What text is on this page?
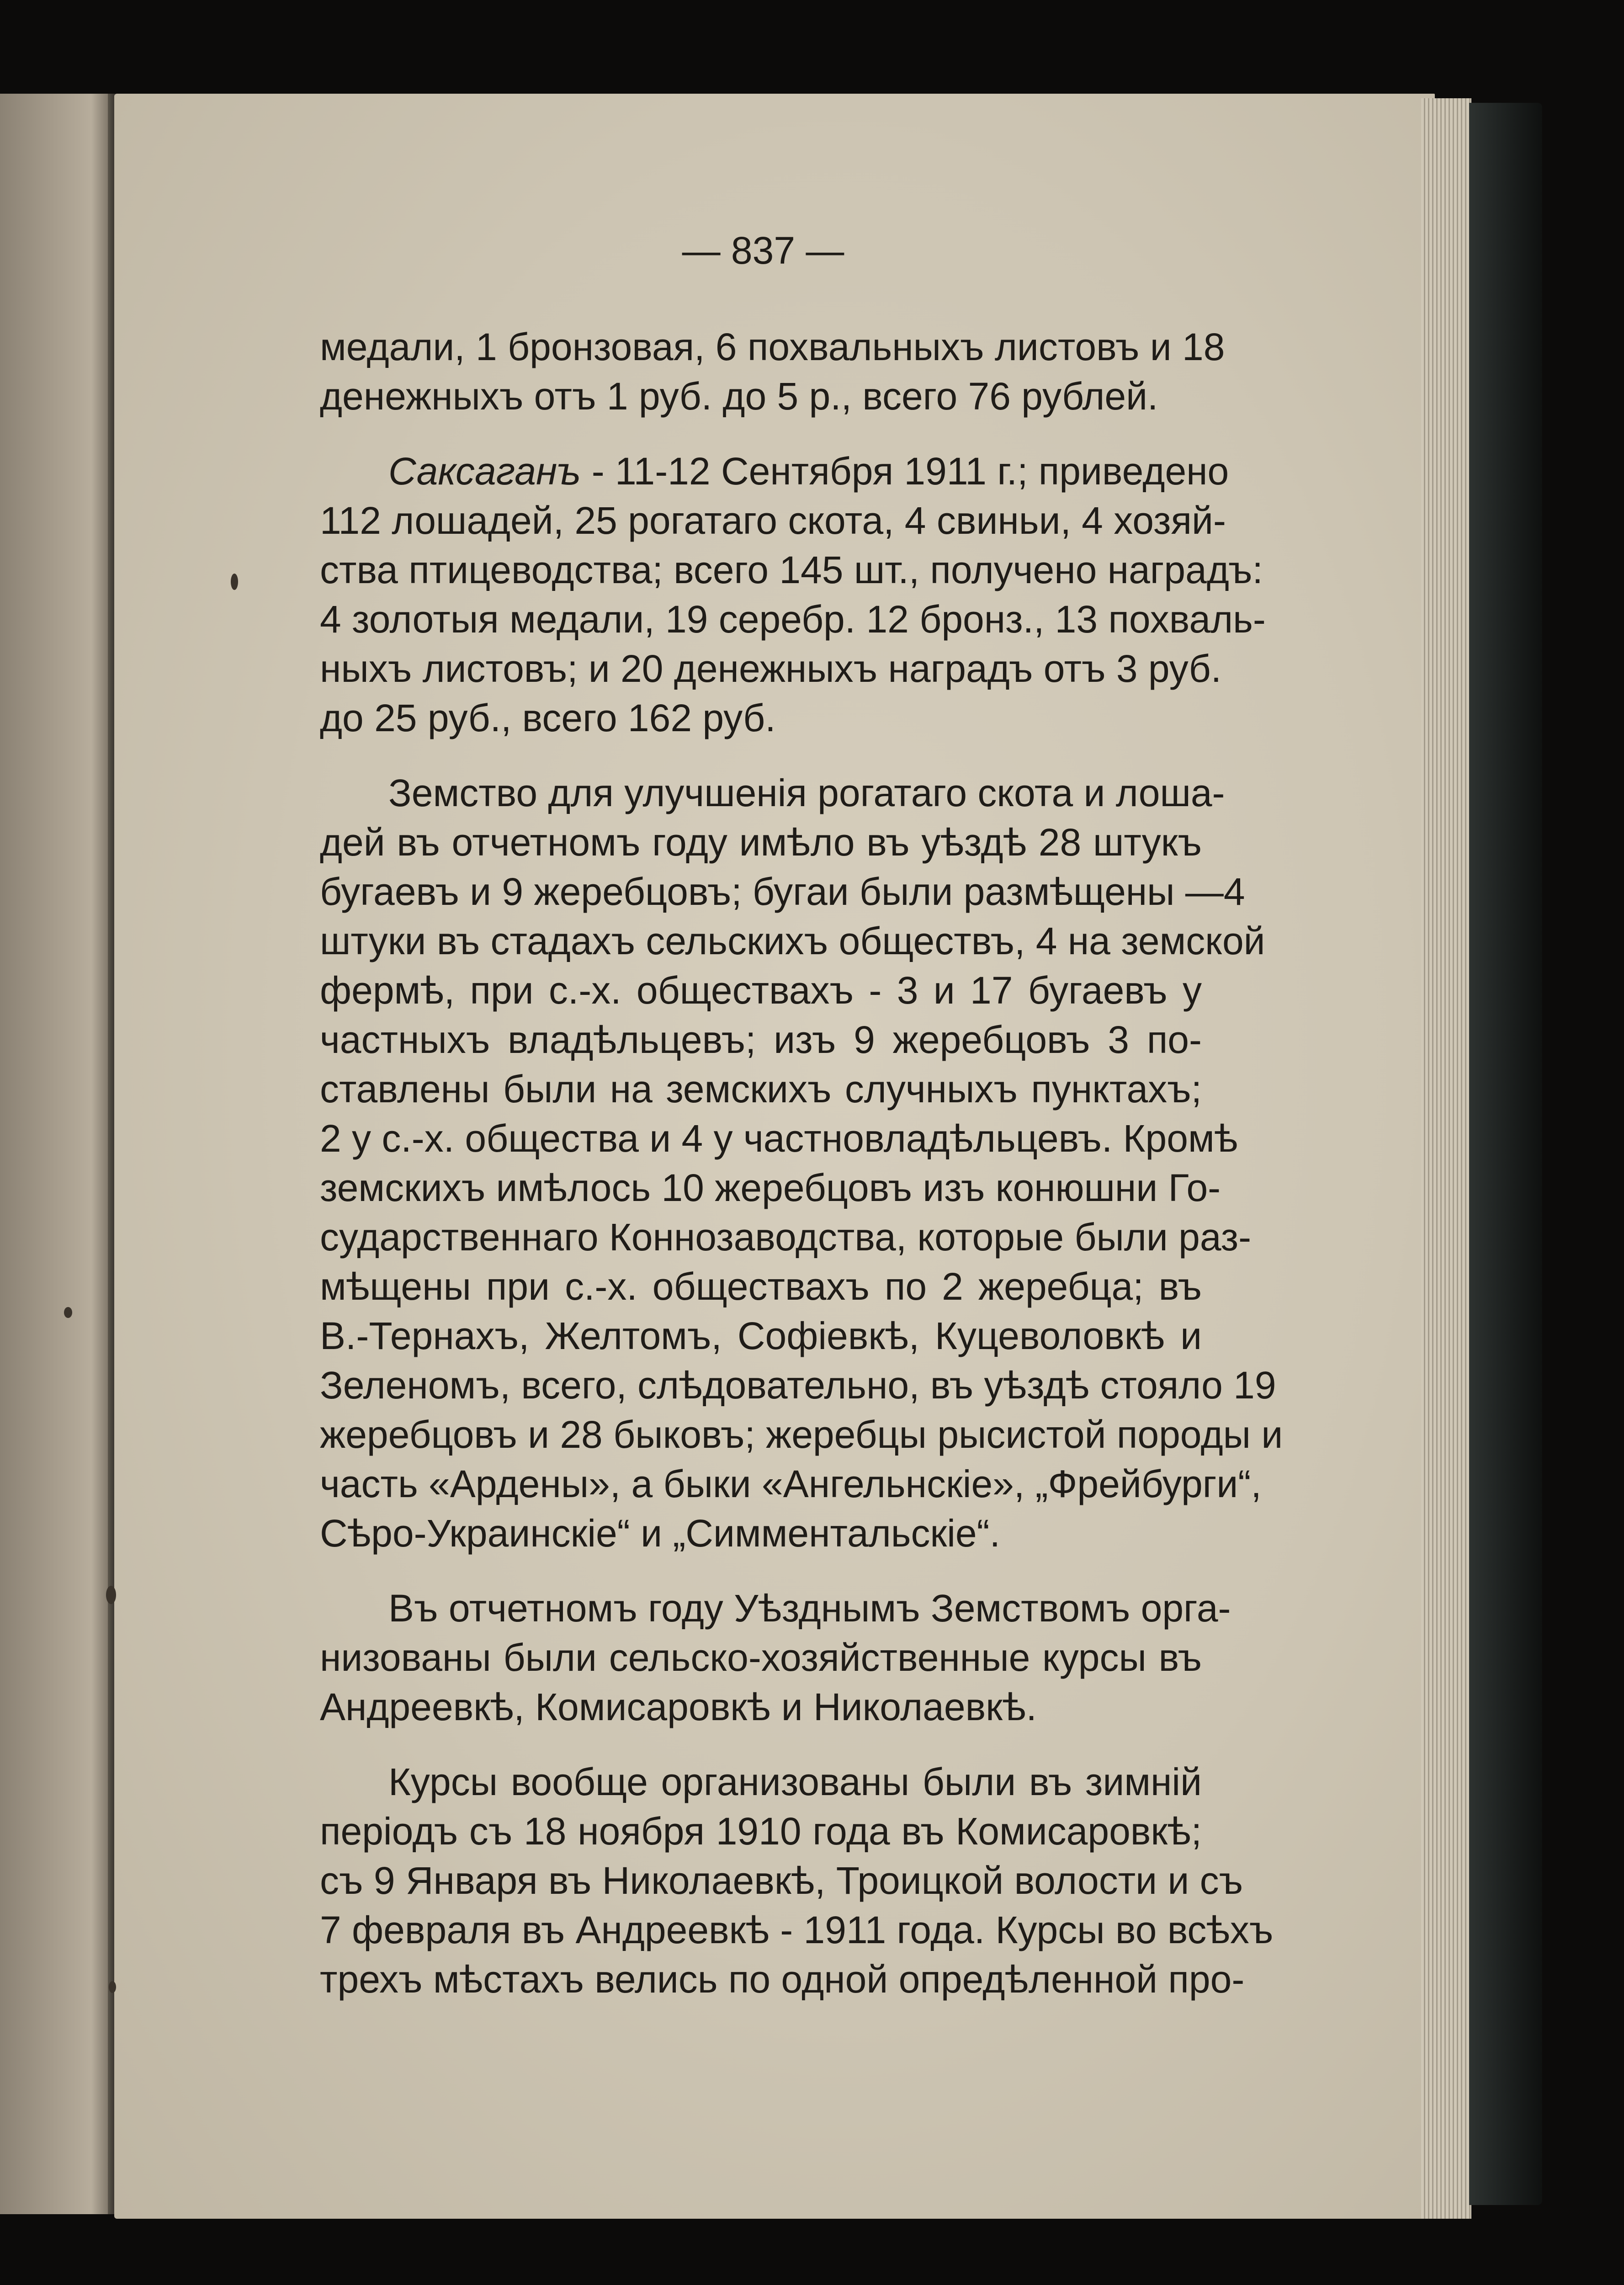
— 837 —
медали, 1 бронзовая, 6 похвальныхъ листовъ и 18
денежныхъ отъ 1 руб. до 5 р., всего 76 рублей.
Саксаганъ - 11-12 Сентября 1911 г.; приведено
112 лошадей, 25 рогатаго скота, 4 свиньи, 4 хозяй-
ства птицеводства; всего 145 шт., получено наградъ:
4 золотыя медали, 19 серебр. 12 бронз., 13 похваль-
ныхъ листовъ; и 20 денежныхъ наградъ отъ 3 руб.
до 25 руб., всего 162 руб.
Земство для улучшенія рогатаго скота и лоша-
дей въ отчетномъ году имѣло въ уѣздѣ 28 штукъ
бугаевъ и 9 жеребцовъ; бугаи были размѣщены —4
штуки въ стадахъ сельскихъ обществъ, 4 на земской
фермѣ, при с.-х. обществахъ - 3 и 17 бугаевъ у
частныхъ владѣльцевъ; изъ 9 жеребцовъ 3 по-
ставлены были на земскихъ случныхъ пунктахъ;
2 у с.-х. общества и 4 у частновладѣльцевъ. Кромѣ
земскихъ имѣлось 10 жеребцовъ изъ конюшни Го-
сударственнаго Коннозаводства, которые были раз-
мѣщены при с.-х. обществахъ по 2 жеребца; въ
В.-Тернахъ, Желтомъ, Софіевкѣ, Куцеволовкѣ и
Зеленомъ, всего, слѣдовательно, въ уѣздѣ стояло 19
жеребцовъ и 28 быковъ; жеребцы рысистой породы и
часть «Ардены», а быки «Ангельнскіе», „Фрейбурги“,
Сѣро-Украинскіе“ и „Симментальскіе“.
Въ отчетномъ году Уѣзднымъ Земствомъ орга-
низованы были сельско-хозяйственные курсы въ
Андреевкѣ, Комисаровкѣ и Николаевкѣ.
Курсы вообще организованы были въ зимній
періодъ съ 18 ноября 1910 года въ Комисаровкѣ;
съ 9 Января въ Николаевкѣ, Троицкой волости и съ
7 февраля въ Андреевкѣ - 1911 года. Курсы во всѣхъ
трехъ мѣстахъ велись по одной опредѣленной про-
